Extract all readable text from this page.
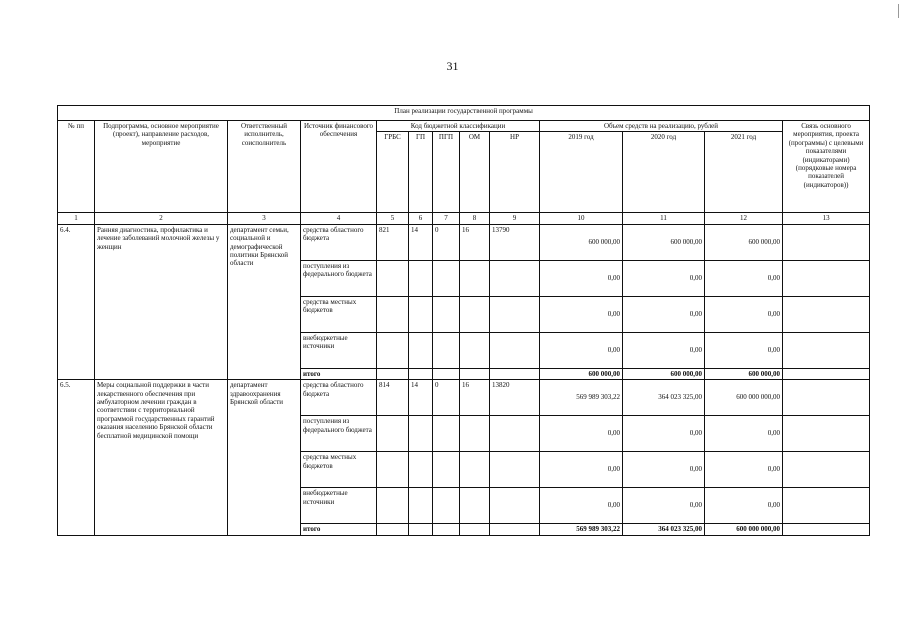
31
План реализации государственной программы												
№ пп	Подпрограмма, основное мероприятие (проект), направление расходов, мероприятие	Ответственный исполнитель, соисполнитель	Источник финансового обеспечения	Код бюджетной классификации					Объем средств на реализацию, рублей			Связь основного мероприятия, проекта (программы) с целевыми показателями (индикаторами) (порядковые номера показателей (индикаторов))
				ГРБС	ГП	ПГП	ОМ	НР	2019 год	2020 год	2021 год	
1	2	3	4	5	6	7	8	9	10	11	12	13
6.4.	Ранняя диагностика, профилактика и лечение заболеваний молочной железы у женщин	департамент семьи, социальной и демографической политики Брянской области	средства областного бюджета	821	14	0	16	13790	600 000,00	600 000,00	600 000,00	
			поступления из федерального бюджета						0,00	0,00	0,00	
			средства местных бюджетов						0,00	0,00	0,00	
			внебюджетные источники						0,00	0,00	0,00	
			итого						600 000,00	600 000,00	600 000,00	
6.5.	Меры социальной поддержки в части лекарственного обеспечения при амбулаторном лечении граждан в соответствии с территориальной программой государственных гарантий оказания населению Брянской области бесплатной медицинской помощи	департамент здравоохранения Брянской области	средства областного бюджета	814	14	0	16	13820	569 989 303,22	364 023 325,00	600 000 000,00	
			поступления из федерального бюджета						0,00	0,00	0,00	
			средства местных бюджетов						0,00	0,00	0,00	
			внебюджетные источники						0,00	0,00	0,00	
			итого						569 989 303,22	364 023 325,00	600 000 000,00	
